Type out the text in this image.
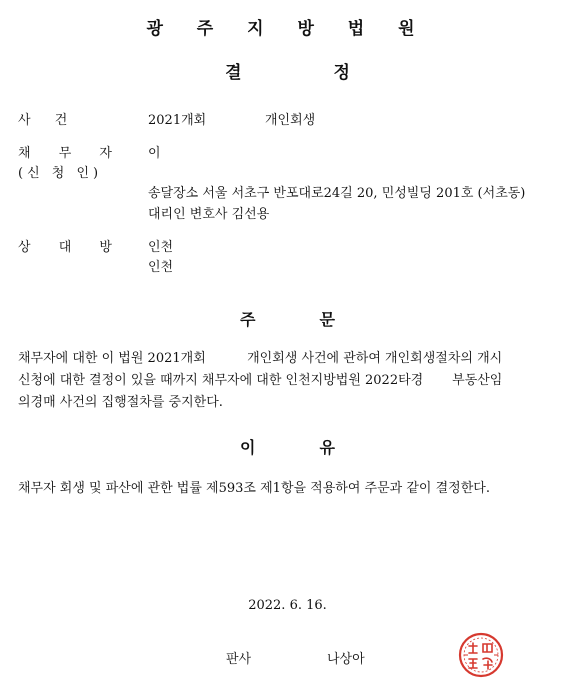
광 주 지 방 법 원
결	정
사 건	2021개회	개인회생
채 무 자 이
(신 청 인)
송달장소 서울 서초구 반포대로24길 20, 민성빌딩 201호 (서초동)
대리인 변호사 김선용
상 대 방 인천
인천
주	문
채무자에 대한 이 법원 2021개회          개인회생 사건에 관하여 개인회생절차의 개시
신청에 대한 결정이 있을 때까지 채무자에 대한 인천지방법원 2022타경       부동산임
의경매 사건의 집행절차를 중지한다.
이	유
채무자 회생 및 파산에 관한 법률 제593조 제1항을 적용하여 주문과 같이 결정한다.
2022. 6. 16.
판사	나상아
